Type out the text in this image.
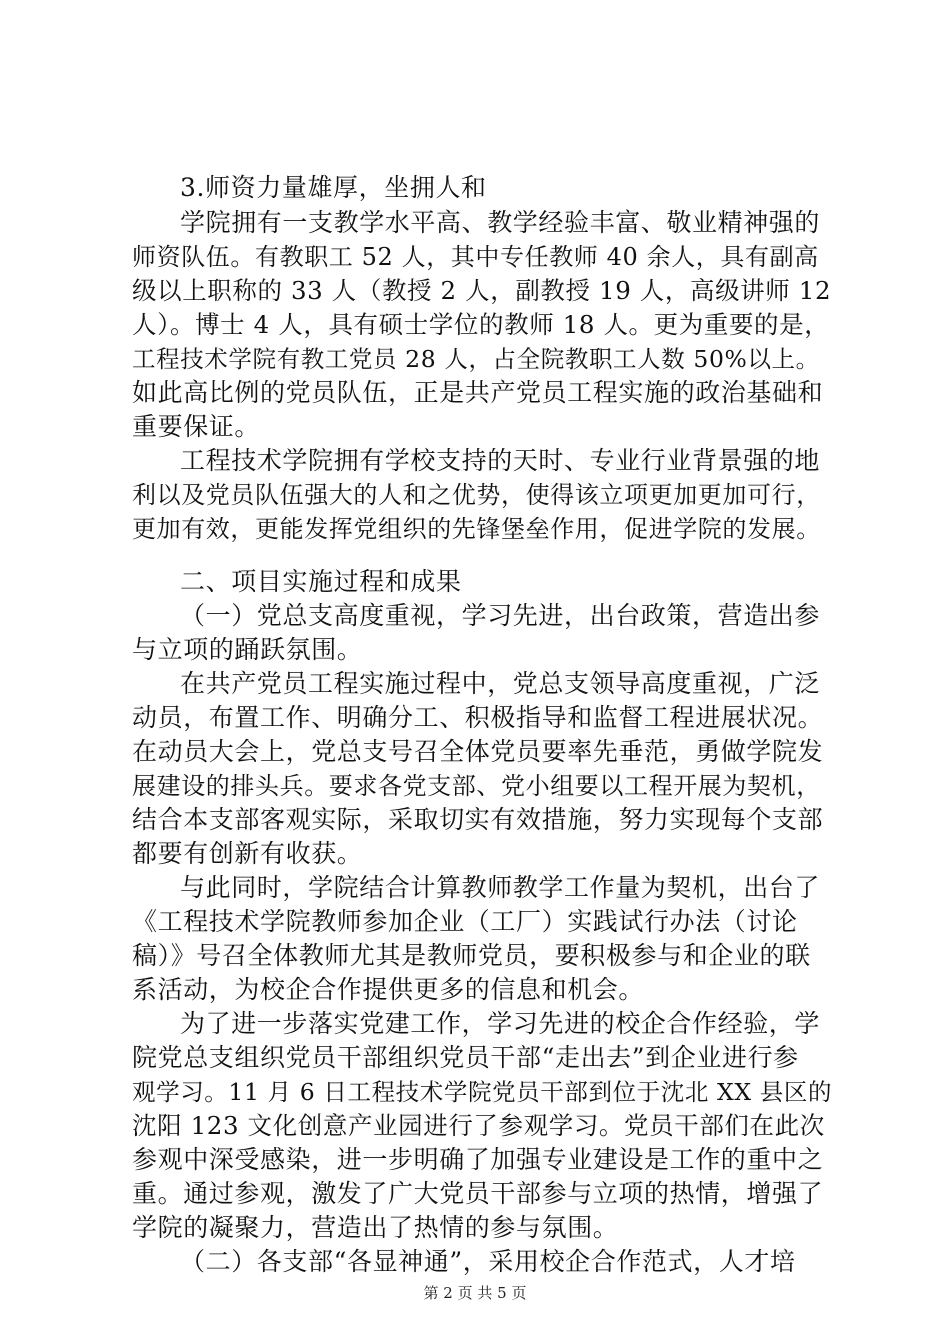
3.师资力量雄厚，坐拥人和
学院拥有一支教学水平高、教学经验丰富、敬业精神强的
师资队伍。有教职工 52 人，其中专任教师 40 余人，具有副高
级以上职称的 33 人（教授 2 人，副教授 19 人，高级讲师 12
人）。博士 4 人，具有硕士学位的教师 18 人。更为重要的是，
工程技术学院有教工党员 28 人，占全院教职工人数 50%以上。
如此高比例的党员队伍，正是共产党员工程实施的政治基础和
重要保证。
工程技术学院拥有学校支持的天时、专业行业背景强的地
利以及党员队伍强大的人和之优势，使得该立项更加更加可行，
更加有效，更能发挥党组织的先锋堡垒作用，促进学院的发展。
二、项目实施过程和成果
（一）党总支高度重视，学习先进，出台政策，营造出参
与立项的踊跃氛围。
在共产党员工程实施过程中，党总支领导高度重视，广泛
动员，布置工作、明确分工、积极指导和监督工程进展状况。
在动员大会上，党总支号召全体党员要率先垂范，勇做学院发
展建设的排头兵。要求各党支部、党小组要以工程开展为契机，
结合本支部客观实际，采取切实有效措施，努力实现每个支部
都要有创新有收获。
与此同时，学院结合计算教师教学工作量为契机，出台了
《工程技术学院教师参加企业（工厂）实践试行办法（讨论
稿）》号召全体教师尤其是教师党员，要积极参与和企业的联
系活动，为校企合作提供更多的信息和机会。
为了进一步落实党建工作，学习先进的校企合作经验，学
院党总支组织党员干部组织党员干部“走出去”到企业进行参
观学习。11 月 6 日工程技术学院党员干部到位于沈北 XX 县区的
沈阳 123 文化创意产业园进行了参观学习。党员干部们在此次
参观中深受感染，进一步明确了加强专业建设是工作的重中之
重。通过参观，激发了广大党员干部参与立项的热情，增强了
学院的凝聚力，营造出了热情的参与氛围。
（二）各支部“各显神通”，采用校企合作范式，人才培
第 2 页 共 5 页
